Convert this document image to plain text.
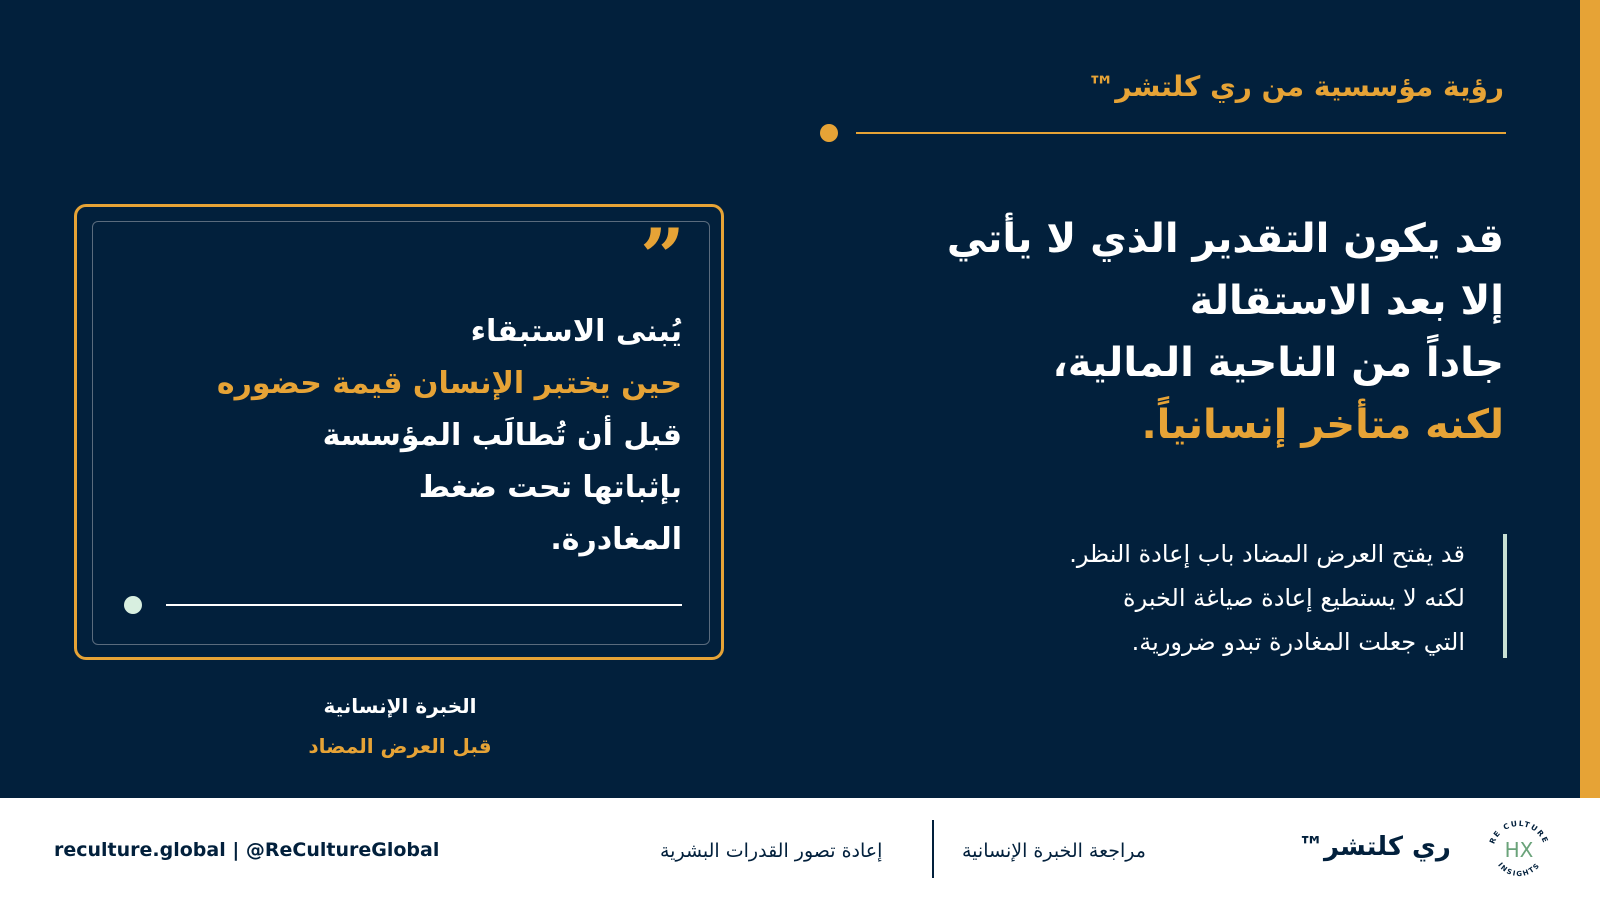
رؤية مؤسسية من ري كلتشر™
قد يكون التقدير الذي لا يأتي
إلا بعد الاستقالة
جاداً من الناحية المالية،
لكنه متأخر إنسانياً.
قد يفتح العرض المضاد باب إعادة النظر.
لكنه لا يستطيع إعادة صياغة الخبرة
التي جعلت المغادرة تبدو ضرورية.
”
يُبنى الاستبقاء
حين يختبر الإنسان قيمة حضوره
قبل أن تُطالَب المؤسسة
بإثباتها تحت ضغط
المغادرة.
الخبرة الإنسانية
قبل العرض المضاد
reculture.global | @ReCultureGlobal	إعادة تصور القدرات البشرية	مراجعة الخبرة الإنسانية	ري كلتشر™	RE CULTURE
INSIGHTS
HX
